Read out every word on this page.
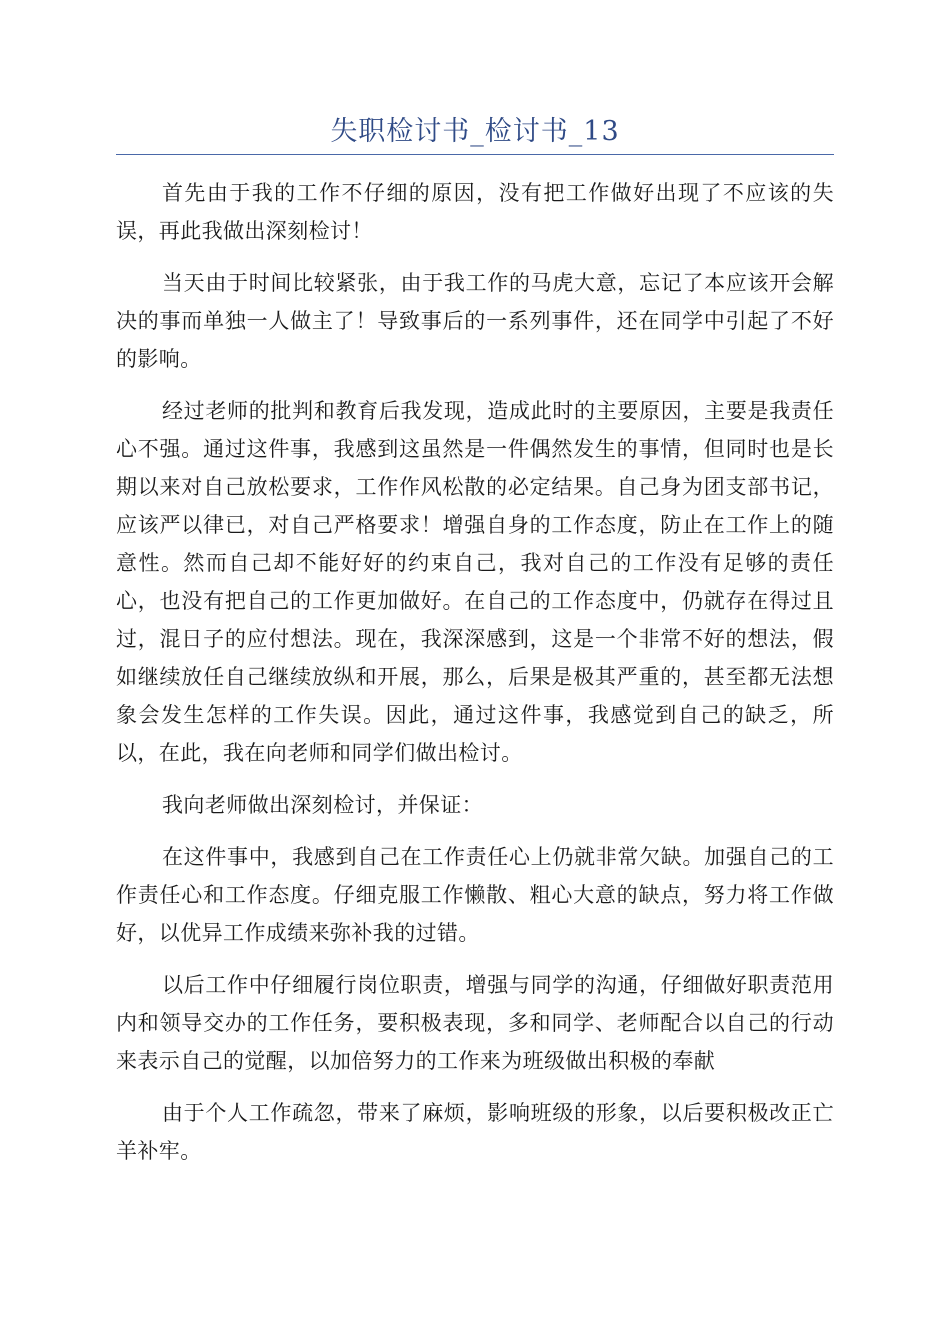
失职检讨书_检讨书_13

首先由于我的工作不仔细的原因，没有把工作做好出现了不应该的失误，再此我做出深刻检讨！

当天由于时间比较紧张，由于我工作的马虎大意，忘记了本应该开会解决的事而单独一人做主了！导致事后的一系列事件，还在同学中引起了不好的影响。

经过老师的批判和教育后我发现，造成此时的主要原因，主要是我责任心不强。通过这件事，我感到这虽然是一件偶然发生的事情，但同时也是长期以来对自己放松要求，工作作风松散的必定结果。自己身为团支部书记，应该严以律已，对自己严格要求！增强自身的工作态度，防止在工作上的随意性。然而自己却不能好好的约束自己，我对自己的工作没有足够的责任心，也没有把自己的工作更加做好。在自己的工作态度中，仍就存在得过且过，混日子的应付想法。现在，我深深感到，这是一个非常不好的想法，假如继续放任自己继续放纵和开展，那么，后果是极其严重的，甚至都无法想象会发生怎样的工作失误。因此，通过这件事，我感觉到自己的缺乏，所以，在此，我在向老师和同学们做出检讨。

我向老师做出深刻检讨，并保证：

在这件事中，我感到自己在工作责任心上仍就非常欠缺。加强自己的工作责任心和工作态度。仔细克服工作懒散、粗心大意的缺点，努力将工作做好，以优异工作成绩来弥补我的过错。

以后工作中仔细履行岗位职责，增强与同学的沟通，仔细做好职责范用内和领导交办的工作任务，要积极表现，多和同学、老师配合以自己的行动来表示自己的觉醒，以加倍努力的工作来为班级做出积极的奉献

由于个人工作疏忽，带来了麻烦，影响班级的形象，以后要积极改正亡羊补牢。
